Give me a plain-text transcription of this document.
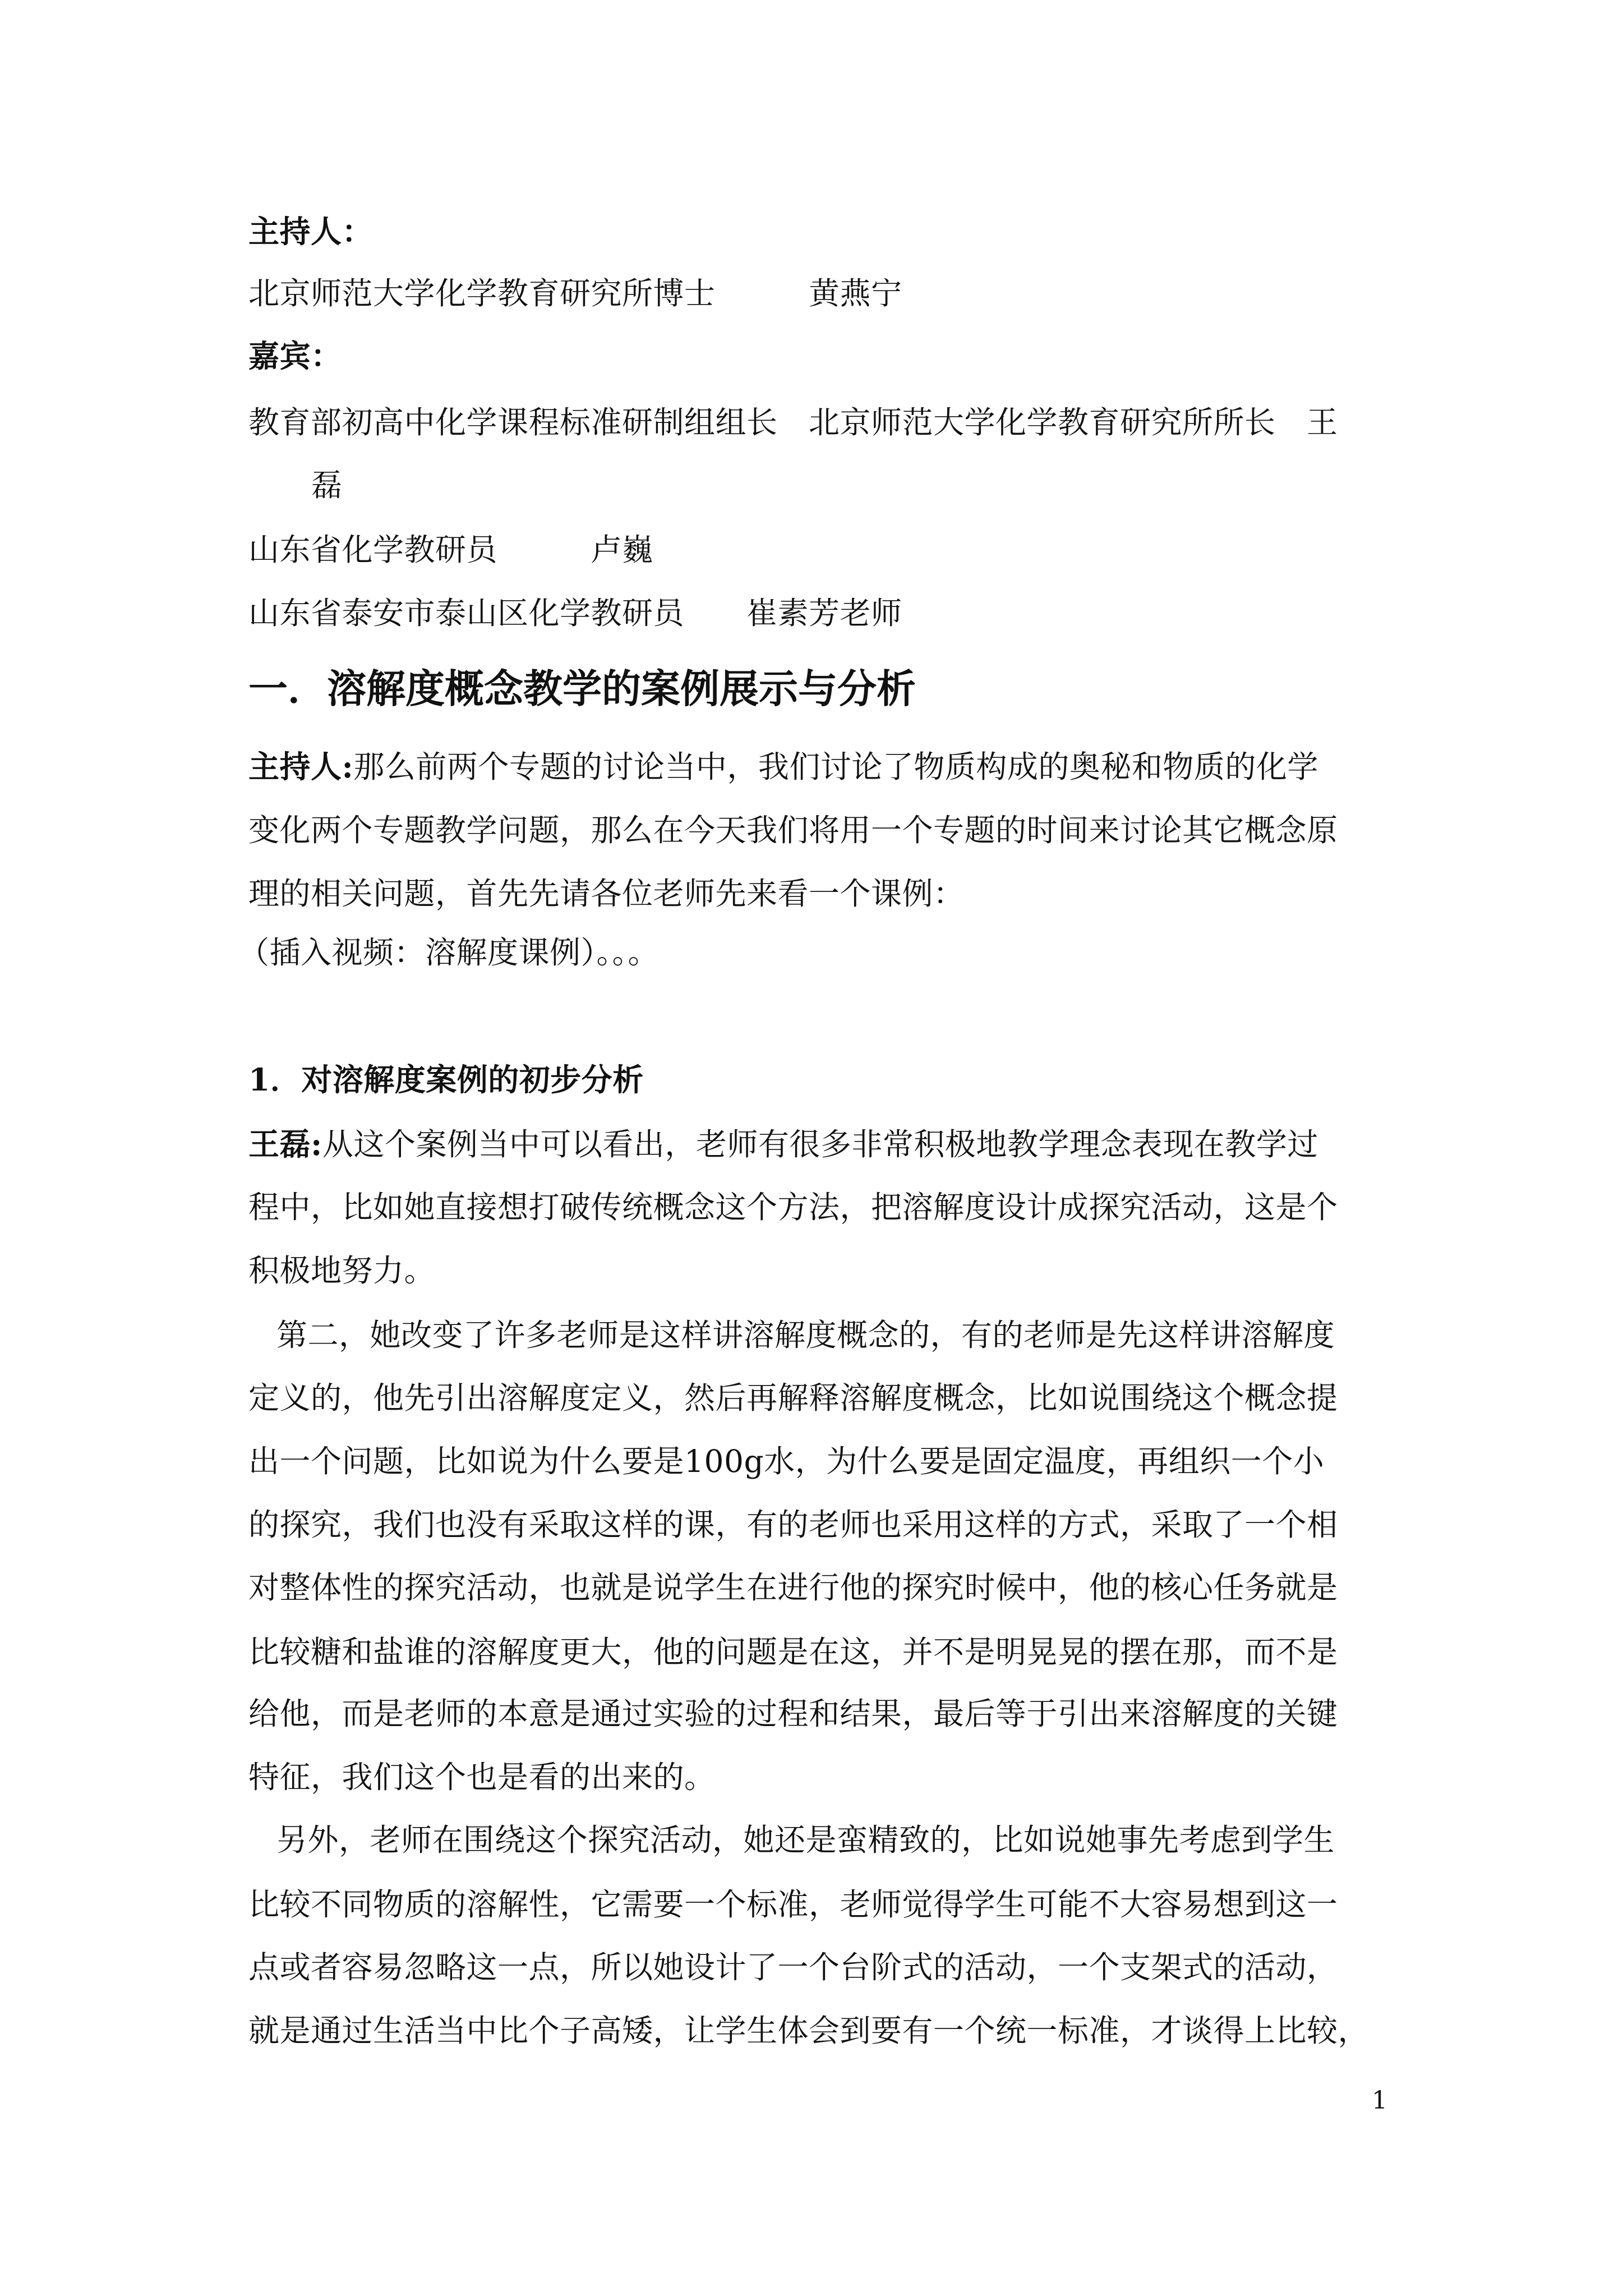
主持人：
北京师范大学化学教育研究所博士　　　黄燕宁
嘉宾：
教育部初高中化学课程标准研制组组长　北京师范大学化学教育研究所所长　王
磊
山东省化学教研员　　　卢巍
山东省泰安市泰山区化学教研员　　崔素芳老师
一．溶解度概念教学的案例展示与分析
主持人:那么前两个专题的讨论当中，我们讨论了物质构成的奥秘和物质的化学
变化两个专题教学问题，那么在今天我们将用一个专题的时间来讨论其它概念原
理的相关问题，首先先请各位老师先来看一个课例：
（插入视频：溶解度课例）。。。
1．对溶解度案例的初步分析
王磊:从这个案例当中可以看出，老师有很多非常积极地教学理念表现在教学过
程中，比如她直接想打破传统概念这个方法，把溶解度设计成探究活动，这是个
积极地努力。
第二，她改变了许多老师是这样讲溶解度概念的，有的老师是先这样讲溶解度
定义的，他先引出溶解度定义，然后再解释溶解度概念，比如说围绕这个概念提
出一个问题，比如说为什么要是100g水，为什么要是固定温度，再组织一个小
的探究，我们也没有采取这样的课，有的老师也采用这样的方式，采取了一个相
对整体性的探究活动，也就是说学生在进行他的探究时候中，他的核心任务就是
比较糖和盐谁的溶解度更大，他的问题是在这，并不是明晃晃的摆在那，而不是
给他，而是老师的本意是通过实验的过程和结果，最后等于引出来溶解度的关键
特征，我们这个也是看的出来的。
另外，老师在围绕这个探究活动，她还是蛮精致的，比如说她事先考虑到学生
比较不同物质的溶解性，它需要一个标准，老师觉得学生可能不大容易想到这一
点或者容易忽略这一点，所以她设计了一个台阶式的活动，一个支架式的活动，
就是通过生活当中比个子高矮，让学生体会到要有一个统一标准，才谈得上比较，
1
